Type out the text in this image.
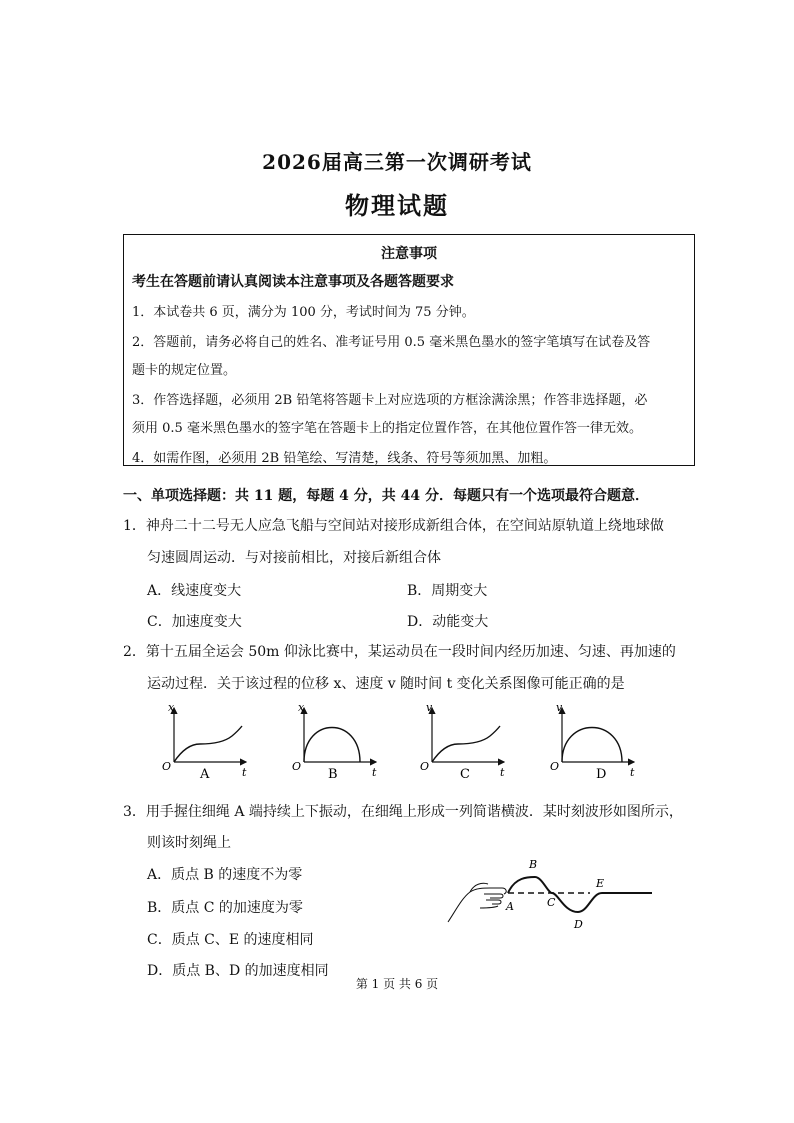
2026届高三第一次调研考试
物理试题
注意事项
考生在答题前请认真阅读本注意事项及各题答题要求
1．本试卷共 6 页，满分为 100 分，考试时间为 75 分钟。
2．答题前，请务必将自己的姓名、准考证号用 0.5 毫米黑色墨水的签字笔填写在试卷及答
题卡的规定位置。
3．作答选择题，必须用 2B 铅笔将答题卡上对应选项的方框涂满涂黑；作答非选择题，必
须用 0.5 毫米黑色墨水的签字笔在答题卡上的指定位置作答，在其他位置作答一律无效。
4．如需作图，必须用 2B 铅笔绘、写清楚，线条、符号等须加黑、加粗。
一、单项选择题：共 11 题，每题 4 分，共 44 分．每题只有一个选项最符合题意．
1．神舟二十二号无人应急飞船与空间站对接形成新组合体，在空间站原轨道上绕地球做
匀速圆周运动．与对接前相比，对接后新组合体
A．线速度变大	B．周期变大
C．加速度变大	D．动能变大
2．第十五届全运会 50m 仰泳比赛中，某运动员在一段时间内经历加速、匀速、再加速的
运动过程．关于该过程的位移 x、速度 v 随时间 t 变化关系图像可能正确的是
x
O	t
A
x
O	t
B
v
O	t
C
v
O	t
D
3．用手握住细绳 A 端持续上下振动，在细绳上形成一列简谐横波．某时刻波形如图所示，
则该时刻绳上
A．质点 B 的速度不为零
B．质点 C 的加速度为零
C．质点 C、E 的速度相同
D．质点 B、D 的加速度相同
A
B
C
D
E
第 1 页 共 6 页
